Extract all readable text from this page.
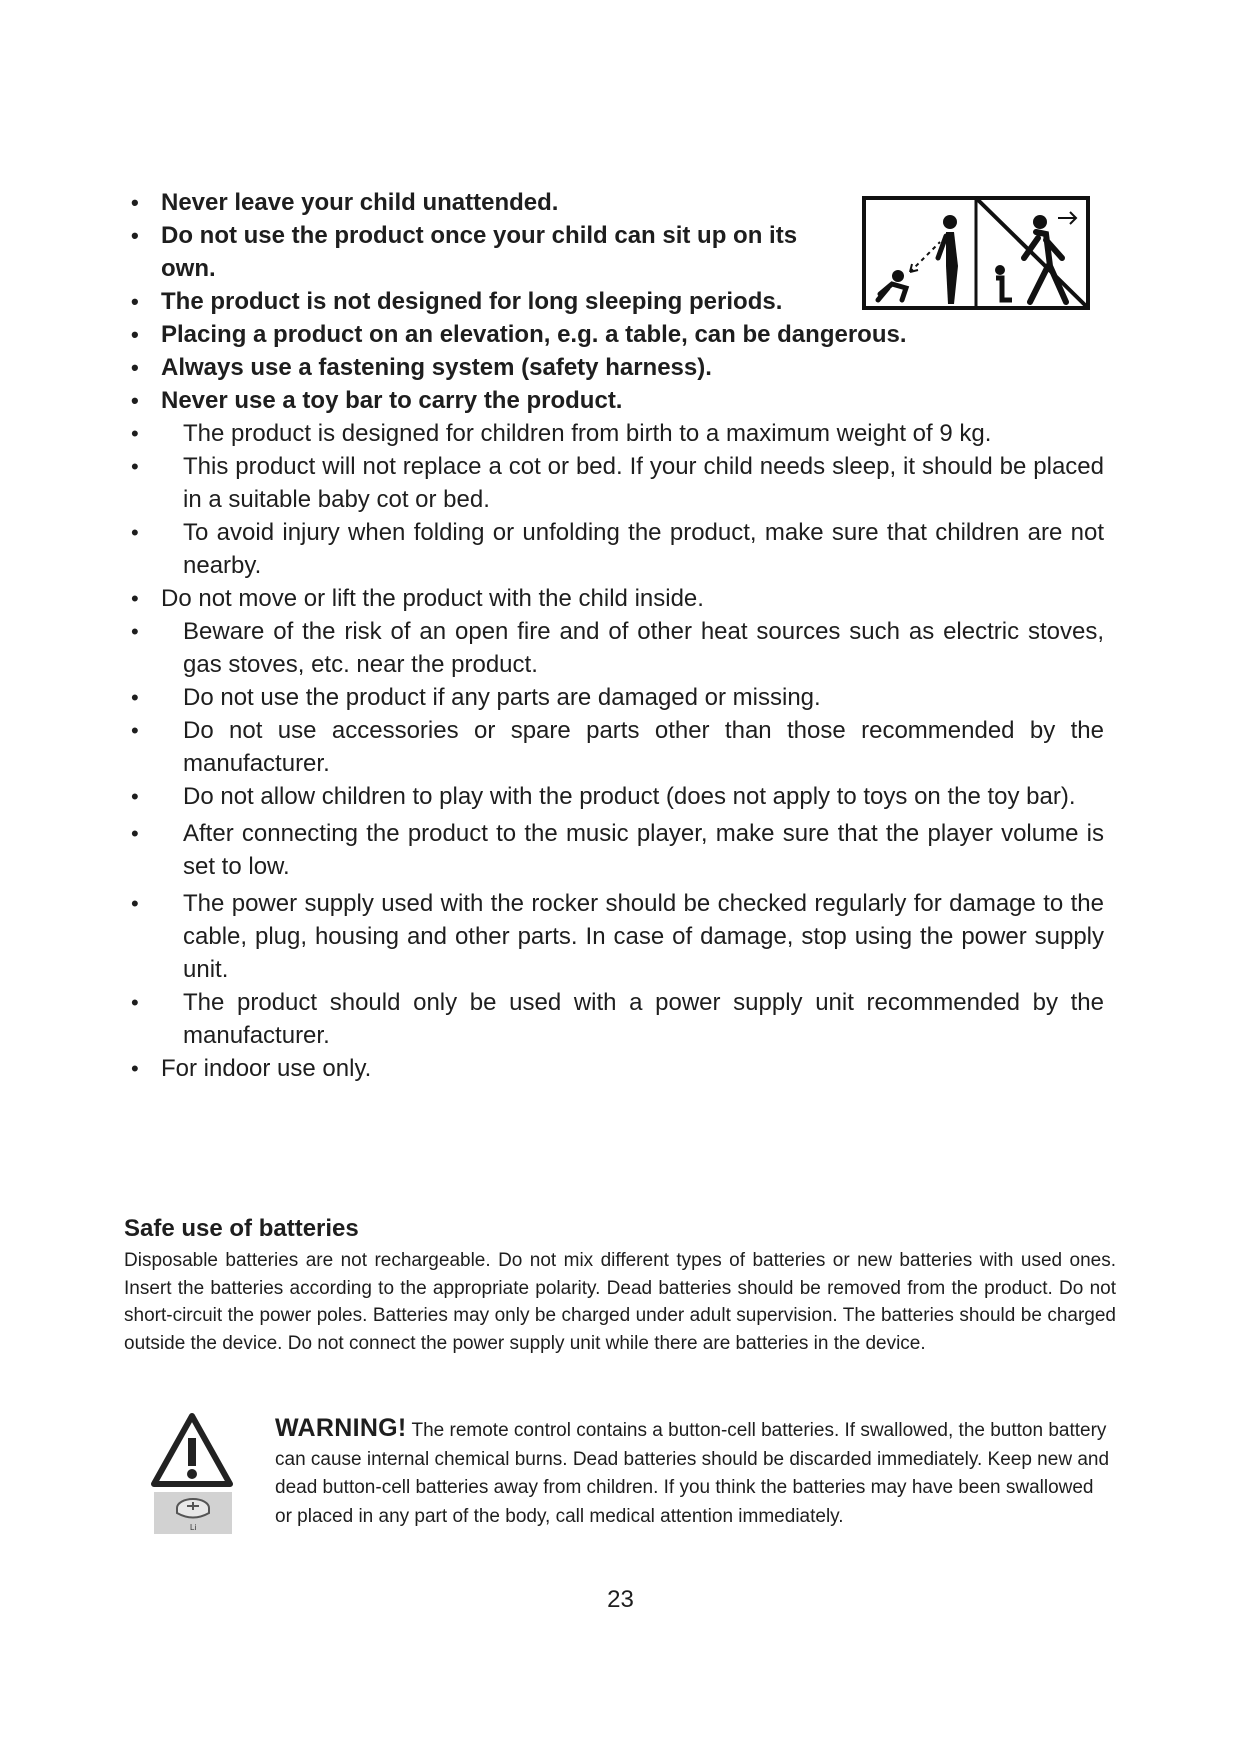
• Never leave your child unattended.
• Do not use the product once your child can sit up on its own.
• The product is not designed for long sleeping periods.
• Placing a product on an elevation, e.g. a table, can be dangerous.
• Always use a fastening system (safety harness).
• Never use a toy bar to carry the product.
•	The product is designed for children from birth to a maximum weight of 9 kg.
•	This product will not replace a cot or bed. If your child needs sleep, it should be placed in a suitable baby cot or bed.
•	To avoid injury when folding or unfolding the product, make sure that children are not nearby.
• Do not move or lift the product with the child inside.
•	Beware of the risk of an open fire and of other heat sources such as electric stoves, gas stoves, etc. near the product.
•	Do not use the product if any parts are damaged or missing.
•	Do not use accessories or spare parts other than those recommended by the manufacturer.
•	Do not allow children to play with the product (does not apply to toys on the toy bar).
•	After connecting the product to the music player, make sure that the player volume is set to low.
•	The power supply used with the rocker should be checked regularly for damage to the cable, plug, housing and other parts. In case of damage, stop using the power supply unit.
•	The product should only be used with a power supply unit recommended by the manufacturer.
• For indoor use only.
Safe use of batteries

Disposable batteries are not rechargeable. Do not mix different types of batteries or new batteries with used ones. Insert the batteries according to the appropriate polarity. Dead batteries should be removed from the product. Do not short-circuit the power poles. Batteries may only be charged under adult supervision. The batteries should be charged outside the device. Do not connect the power supply unit while there are batteries in the device.

Li

WARNING! The remote control contains a button-cell batteries. If swallowed, the button battery can cause internal chemical burns. Dead batteries should be discarded immediately. Keep new and dead button-cell batteries away from children. If you think the batteries may have been swallowed or placed in any part of the body, call medical attention immediately.

23
